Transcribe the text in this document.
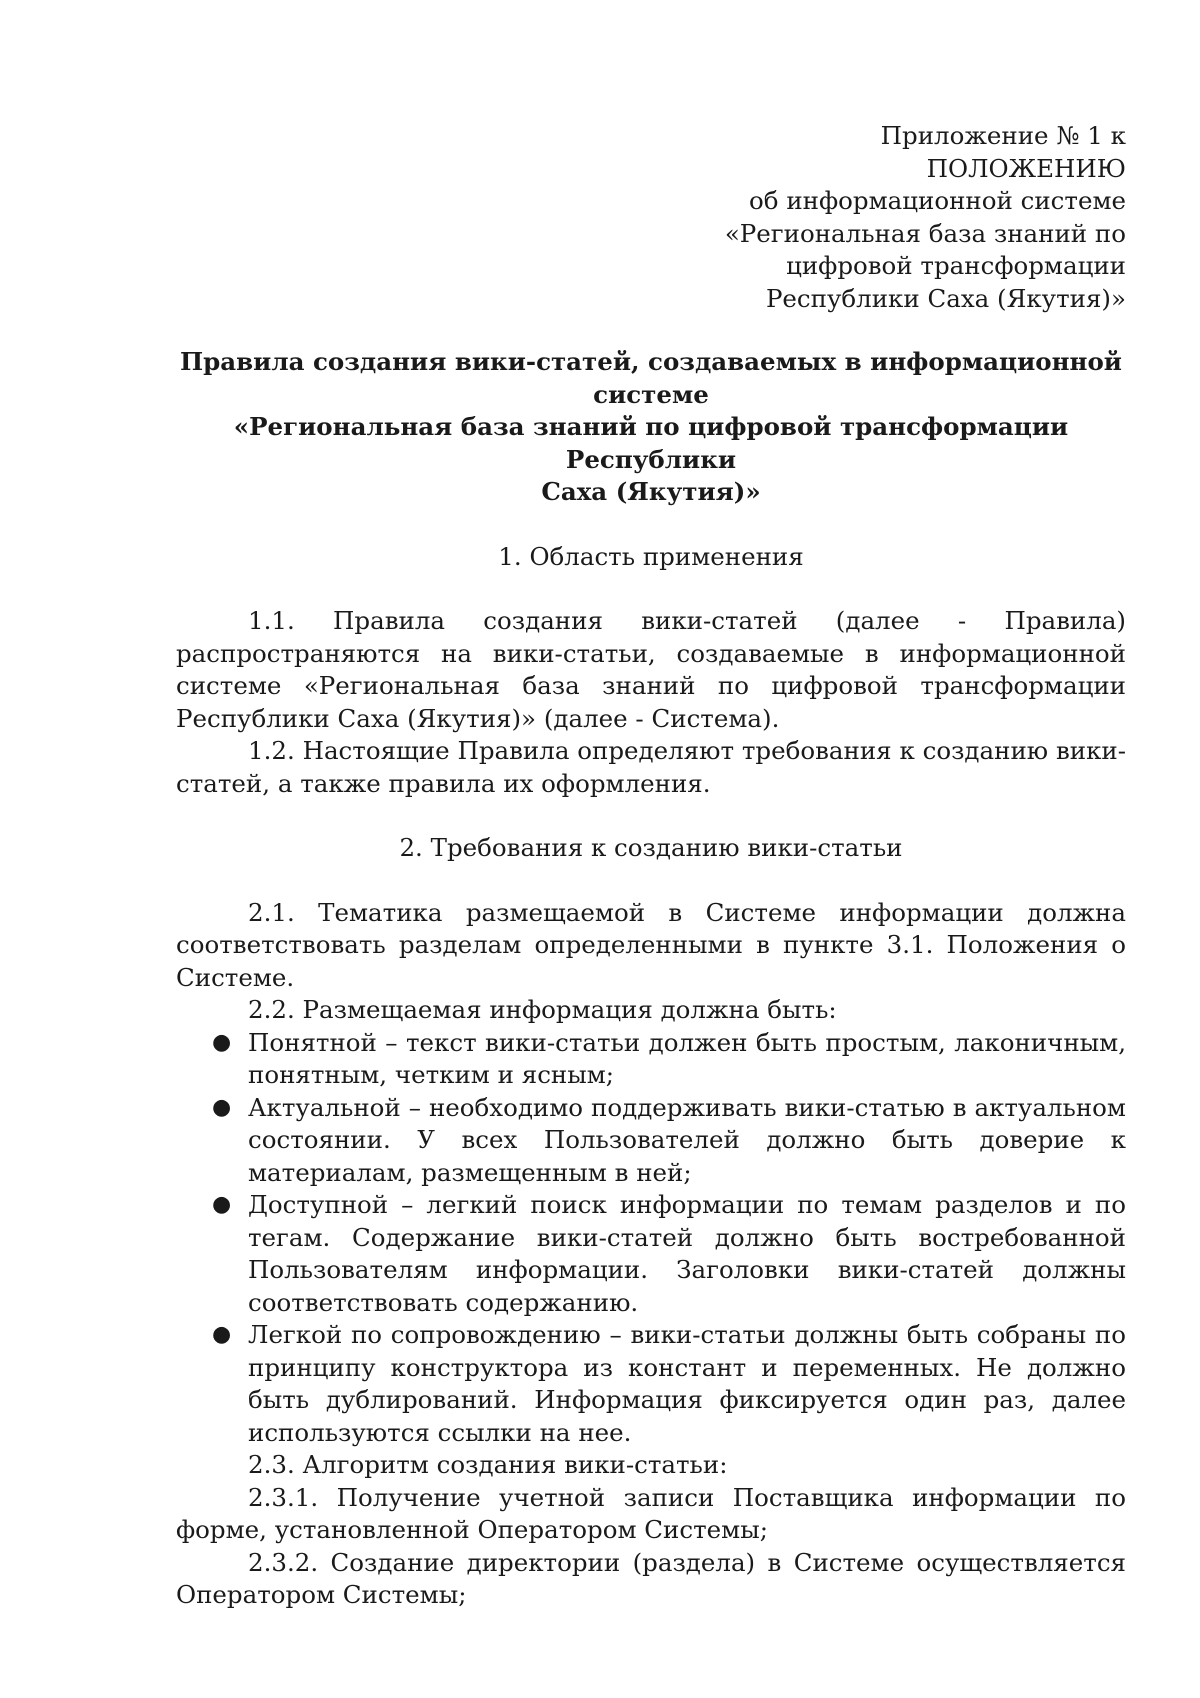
Приложение № 1 к
ПОЛОЖЕНИЮ
об информационной системе
«Региональная база знаний по
цифровой трансформации
Республики Саха (Якутия)»
Правила создания вики-статей, создаваемых в информационной системе
«Региональная база знаний по цифровой трансформации Республики
Саха (Якутия)»
1. Область применения

1.1. Правила создания вики-статей (далее - Правила) распространяются на вики-статьи, создаваемые в информационной системе «Региональная база знаний по цифровой трансформации Республики Саха (Якутия)» (далее - Система).

1.2. Настоящие Правила определяют требования к созданию вики-статей, а также правила их оформления.

2. Требования к созданию вики-статьи

2.1. Тематика размещаемой в Системе информации должна соответствовать разделам определенными в пункте 3.1. Положения о Системе.

2.2. Размещаемая информация должна быть:

● Понятной – текст вики-статьи должен быть простым, лаконичным, понятным, четким и ясным;
● Актуальной – необходимо поддерживать вики-статью в актуальном состоянии. У всех Пользователей должно быть доверие к материалам, размещенным в ней;
● Доступной – легкий поиск информации по темам разделов и по тегам. Содержание вики-статей должно быть востребованной Пользователям информации. Заголовки вики-статей должны соответствовать содержанию.
● Легкой по сопровождению – вики-статьи должны быть собраны по принципу конструктора из констант и переменных. Не должно быть дублирований. Информация фиксируется один раз, далее используются ссылки на нее.

2.3. Алгоритм создания вики-статьи:

2.3.1. Получение учетной записи Поставщика информации по форме, установленной Оператором Системы;

2.3.2. Создание директории (раздела) в Системе осуществляется Оператором Системы;
